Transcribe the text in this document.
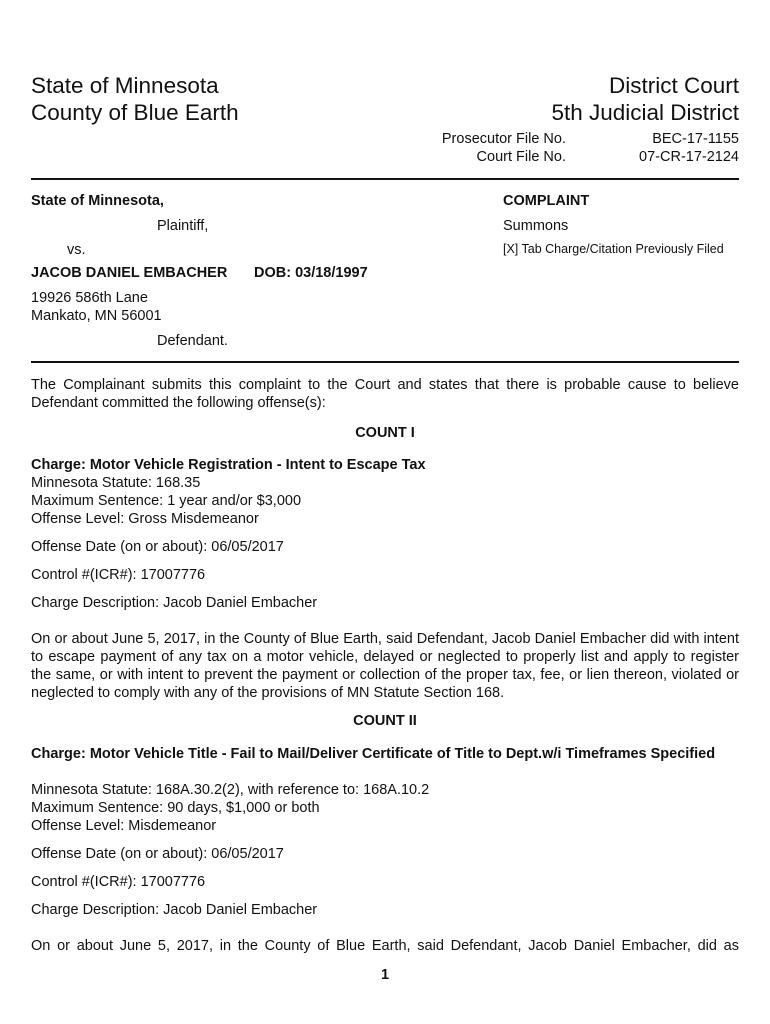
State of Minnesota
County of Blue Earth
District Court
5th Judicial District
Prosecutor File No.	BEC-17-1155
Court File No.	07-CR-17-2124
State of Minnesota,
Plaintiff,
vs.
JACOB DANIEL EMBACHER DOB: 03/18/1997
19926 586th Lane
Mankato, MN 56001
Defendant.
COMPLAINT
Summons
[X] Tab Charge/Citation Previously Filed
The Complainant submits this complaint to the Court and states that there is probable cause to believe Defendant committed the following offense(s):
COUNT I
Charge: Motor Vehicle Registration - Intent to Escape Tax
Minnesota Statute: 168.35
Maximum Sentence: 1 year and/or $3,000
Offense Level: Gross Misdemeanor
Offense Date (on or about): 06/05/2017
Control #(ICR#): 17007776
Charge Description: Jacob Daniel Embacher
On or about June 5, 2017, in the County of Blue Earth, said Defendant, Jacob Daniel Embacher did with intent to escape payment of any tax on a motor vehicle, delayed or neglected to properly list and apply to register the same, or with intent to prevent the payment or collection of the proper tax, fee, or lien thereon, violated or neglected to comply with any of the provisions of MN Statute Section 168.
COUNT II
Charge: Motor Vehicle Title - Fail to Mail/Deliver Certificate of Title to Dept.w/i Timeframes Specified
Minnesota Statute: 168A.30.2(2), with reference to: 168A.10.2
Maximum Sentence: 90 days, $1,000 or both
Offense Level: Misdemeanor
Offense Date (on or about): 06/05/2017
Control #(ICR#): 17007776
Charge Description: Jacob Daniel Embacher
On or about June 5, 2017, in the County of Blue Earth, said Defendant, Jacob Daniel Embacher, did as
1
